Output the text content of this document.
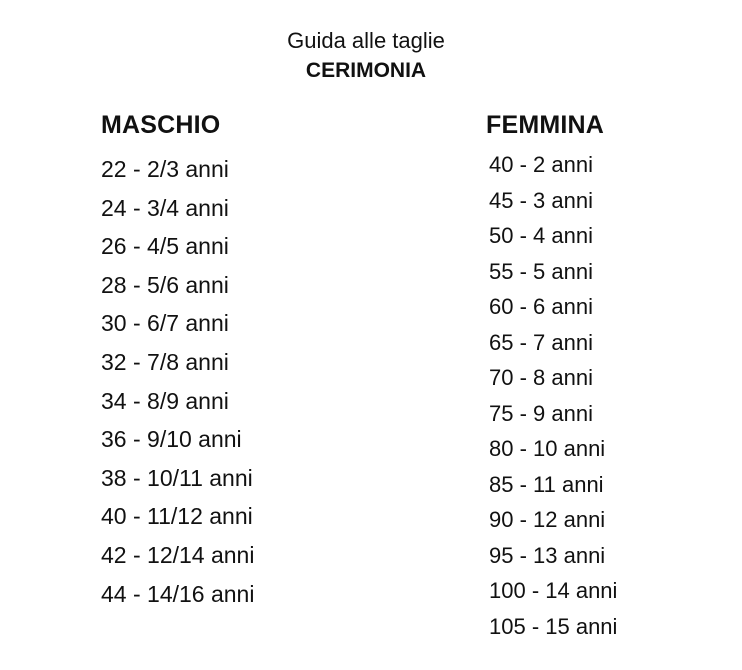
Guida alle taglie
CERIMONIA
MASCHIO
22 - 2/3 anni
24 - 3/4 anni
26 - 4/5 anni
28 - 5/6 anni
30 - 6/7 anni
32 - 7/8 anni
34 - 8/9 anni
36 - 9/10 anni
38 - 10/11 anni
40 - 11/12 anni
42 - 12/14 anni
44 - 14/16 anni
FEMMINA
40 - 2 anni
45 - 3 anni
50 - 4 anni
55 - 5 anni
60 - 6 anni
65 - 7 anni
70 - 8 anni
75 - 9 anni
80 - 10 anni
85 - 11 anni
90 - 12 anni
95 - 13 anni
100 - 14 anni
105 - 15 anni
